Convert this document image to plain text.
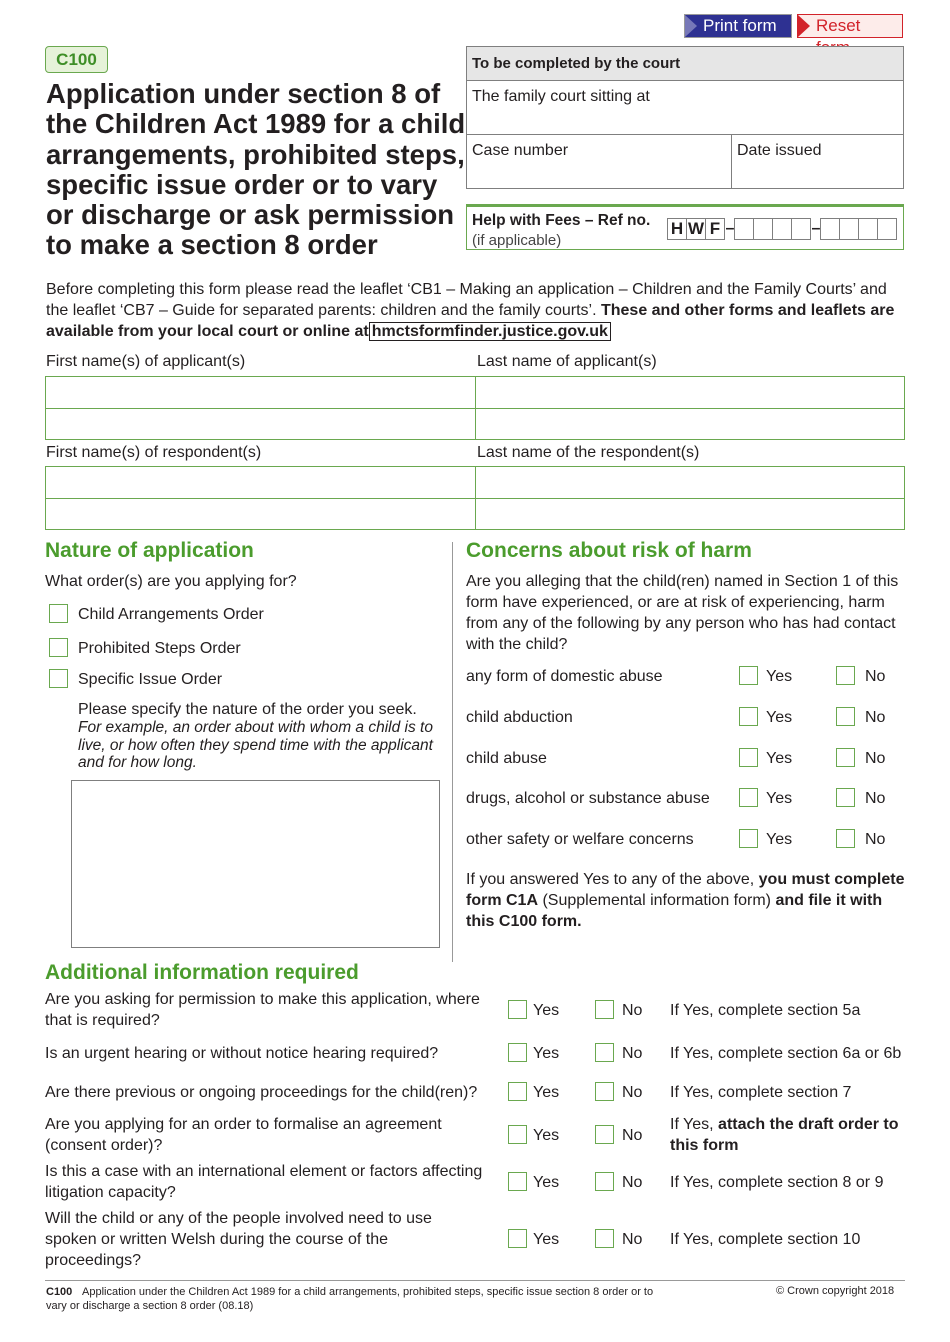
Print form	Reset
C100
Application under section 8 of the Children Act 1989 for a child arrangements, prohibited steps, specific issue order or to vary or discharge or ask permission to make a section 8 order
To be completed by the court
The family court sitting at
Case number	Date issued
Help with Fees – Ref no.
(if applicable)
H W F –	–
Before completing this form please read the leaflet ‘CB1 – Making an application – Children and the Family Courts’ and the leaflet ‘CB7 – Guide for separated parents: children and the family courts’. These and other forms and leaflets are available from your local court or online at hmctsformfinder.justice.gov.uk
First name(s) of applicant(s)	Last name of applicant(s)
First name(s) of respondent(s)	Last name of the respondent(s)
Nature of application
What order(s) are you applying for?
Child Arrangements Order
Prohibited Steps Order
Specific Issue Order
Please specify the nature of the order you seek.
For example, an order about with whom a child is to live, or how often they spend time with the applicant and for how long.
Concerns about risk of harm
Are you alleging that the child(ren) named in Section 1 of this form have experienced, or are at risk of experiencing, harm from any of the following by any person who has had contact with the child?
any form of domestic abuse	Yes	No
child abduction	Yes	No
child abuse	Yes	No
drugs, alcohol or substance abuse	Yes	No
other safety or welfare concerns	Yes	No
If you answered Yes to any of the above, you must complete form C1A (Supplemental information form) and file it with this C100 form.
Additional information required
Are you asking for permission to make this application, where that is required?
Yes	No If Yes, complete section 5a
Is an urgent hearing or without notice hearing required?	Yes	No If Yes, complete section 6a or 6b
Are there previous or ongoing proceedings for the child(ren)?	Yes	No If Yes, complete section 7
Are you applying for an order to formalise an agreement (consent order)?
Yes	No
If Yes, attach the draft order to this form
Is this a case with an international element or factors affecting litigation capacity?
Yes	No If Yes, complete section 8 or 9
Will the child or any of the people involved need to use spoken or written Welsh during the course of the proceedings?
Yes	No If Yes, complete section 10
C100 Application under the Children Act 1989 for a child arrangements, prohibited steps, specific issue section 8 order or to vary or discharge a section 8 order (08.18)
© Crown copyright 2018
